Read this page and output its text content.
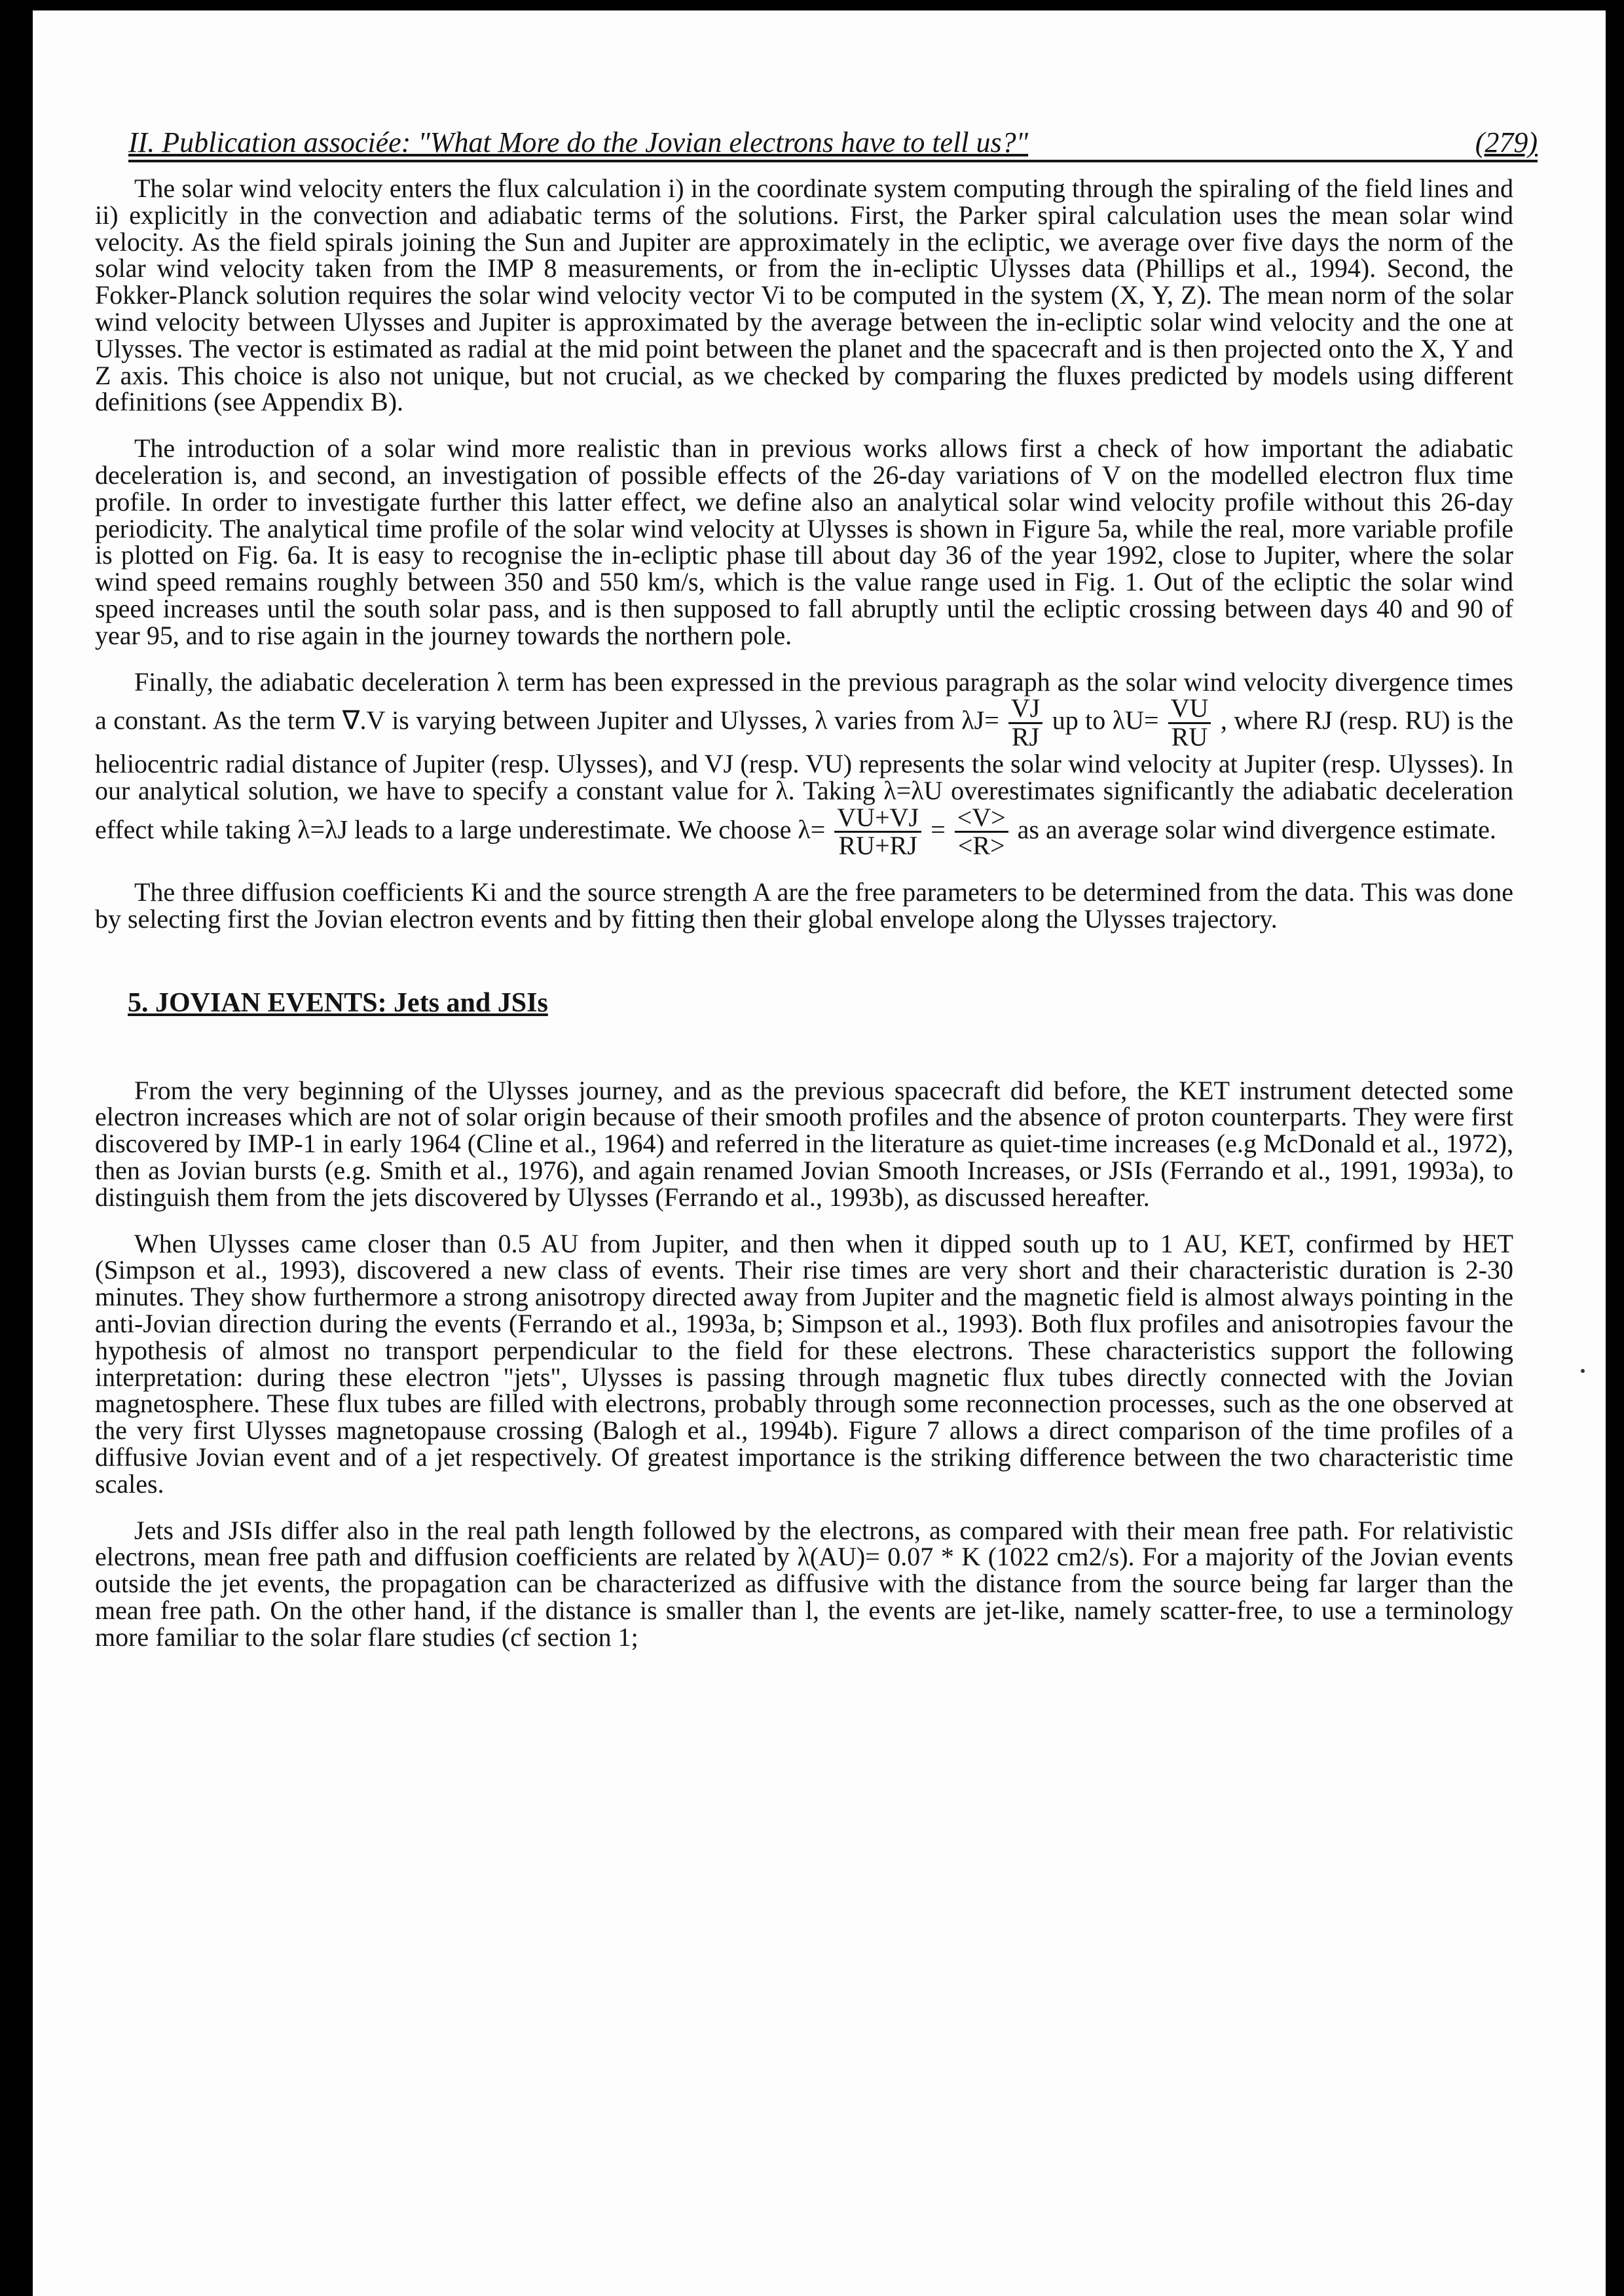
II. Publication associée: "What More do the Jovian electrons have to tell us?"	(279)

The solar wind velocity enters the flux calculation i) in the coordinate system computing through the spiraling of the field lines and ii) explicitly in the convection and adiabatic terms of the solutions. First, the Parker spiral calculation uses the mean solar wind velocity. As the field spirals joining the Sun and Jupiter are approximately in the ecliptic, we average over five days the norm of the solar wind velocity taken from the IMP 8 measurements, or from the in-ecliptic Ulysses data (Phillips et al., 1994). Second, the Fokker-Planck solution requires the solar wind velocity vector Vi to be computed in the system (X, Y, Z). The mean norm of the solar wind velocity between Ulysses and Jupiter is approximated by the average between the in-ecliptic solar wind velocity and the one at Ulysses. The vector is estimated as radial at the mid point between the planet and the spacecraft and is then projected onto the X, Y and Z axis. This choice is also not unique, but not crucial, as we checked by comparing the fluxes predicted by models using different definitions (see Appendix B).

The introduction of a solar wind more realistic than in previous works allows first a check of how important the adiabatic deceleration is, and second, an investigation of possible effects of the 26-day variations of V on the modelled electron flux time profile. In order to investigate further this latter effect, we define also an analytical solar wind velocity profile without this 26-day periodicity. The analytical time profile of the solar wind velocity at Ulysses is shown in Figure 5a, while the real, more variable profile is plotted on Fig. 6a. It is easy to recognise the in-ecliptic phase till about day 36 of the year 1992, close to Jupiter, where the solar wind speed remains roughly between 350 and 550 km/s, which is the value range used in Fig. 1. Out of the ecliptic the solar wind speed increases until the south solar pass, and is then supposed to fall abruptly until the ecliptic crossing between days 40 and 90 of year 95, and to rise again in the journey towards the northern pole.

Finally, the adiabatic deceleration λ term has been expressed in the previous paragraph as the solar wind velocity divergence times a constant. As the term ∇.V is varying between Jupiter and Ulysses, λ varies from $\lambda J= \frac{VJ}{RJ}$ up to $\lambda U= \frac{VU}{RU}$ , where RJ (resp. RU) is the heliocentric radial distance of Jupiter (resp. Ulysses), and VJ (resp. VU) represents the solar wind velocity at Jupiter (resp. Ulysses). In our analytical solution, we have to specify a constant value for λ. Taking λ=λU overestimates significantly the adiabatic deceleration effect while taking λ=λJ leads to a large underestimate. We choose $\lambda= \frac{VU+VJ}{RU+RJ} = \frac{<V>}{<R>}$ as an average solar wind divergence estimate.

The three diffusion coefficients Ki and the source strength A are the free parameters to be determined from the data. This was done by selecting first the Jovian electron events and by fitting then their global envelope along the Ulysses trajectory.

5. JOVIAN EVENTS: Jets and JSIs

From the very beginning of the Ulysses journey, and as the previous spacecraft did before, the KET instrument detected some electron increases which are not of solar origin because of their smooth profiles and the absence of proton counterparts. They were first discovered by IMP-1 in early 1964 (Cline et al., 1964) and referred in the literature as quiet-time increases (e.g McDonald et al., 1972), then as Jovian bursts (e.g. Smith et al., 1976), and again renamed Jovian Smooth Increases, or JSIs (Ferrando et al., 1991, 1993a), to distinguish them from the jets discovered by Ulysses (Ferrando et al., 1993b), as discussed hereafter.

When Ulysses came closer than 0.5 AU from Jupiter, and then when it dipped south up to 1 AU, KET, confirmed by HET (Simpson et al., 1993), discovered a new class of events. Their rise times are very short and their characteristic duration is 2-30 minutes. They show furthermore a strong anisotropy directed away from Jupiter and the magnetic field is almost always pointing in the anti-Jovian direction during the events (Ferrando et al., 1993a, b; Simpson et al., 1993). Both flux profiles and anisotropies favour the hypothesis of almost no transport perpendicular to the field for these electrons. These characteristics support the following interpretation: during these electron "jets", Ulysses is passing through magnetic flux tubes directly connected with the Jovian magnetosphere. These flux tubes are filled with electrons, probably through some reconnection processes, such as the one observed at the very first Ulysses magnetopause crossing (Balogh et al., 1994b). Figure 7 allows a direct comparison of the time profiles of a diffusive Jovian event and of a jet respectively. Of greatest importance is the striking difference between the two characteristic time scales.

Jets and JSIs differ also in the real path length followed by the electrons, as compared with their mean free path. For relativistic electrons, mean free path and diffusion coefficients are related by λ(AU)= 0.07 * K (1022 cm2/s). For a majority of the Jovian events outside the jet events, the propagation can be characterized as diffusive with the distance from the source being far larger than the mean free path. On the other hand, if the distance is smaller than l, the events are jet-like, namely scatter-free, to use a terminology more familiar to the solar flare studies (cf section 1;
